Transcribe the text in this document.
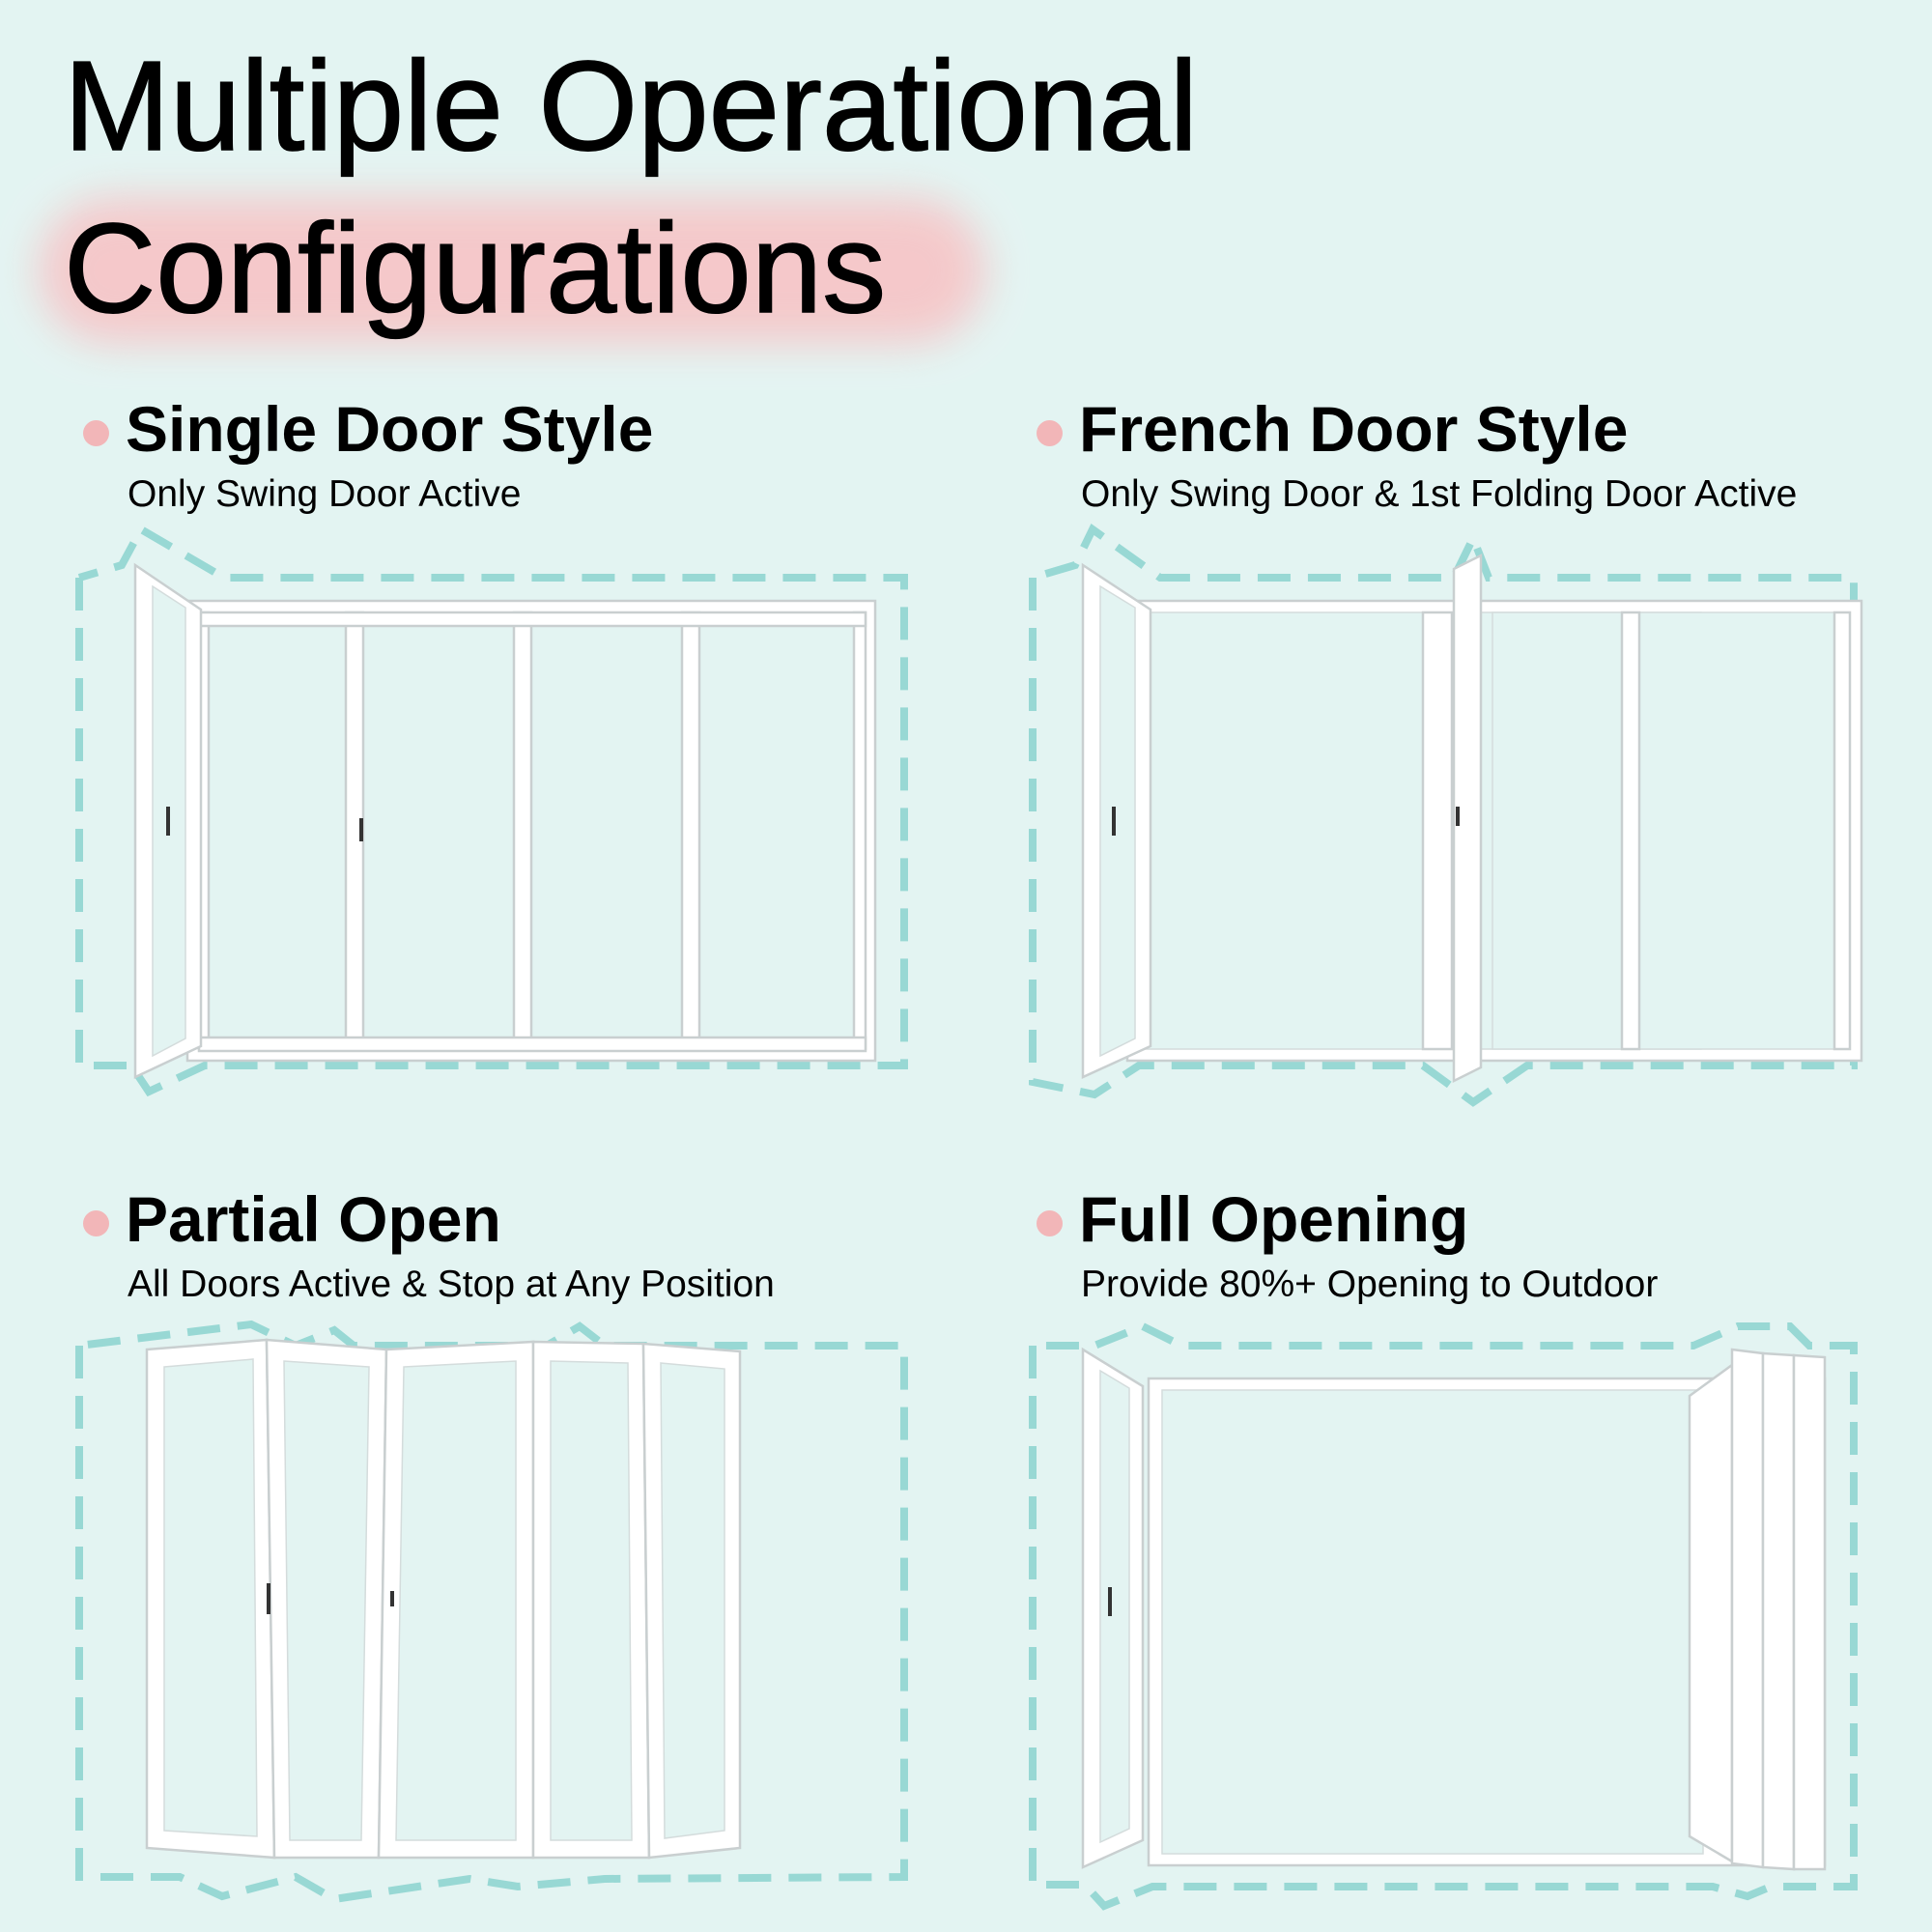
Multiple Operational
Configurations
Single Door Style

Only Swing Door Active

French Door Style

Only Swing Door & 1st Folding Door Active

Partial Open

All Doors Active & Stop at Any Position

Full Opening

Provide 80%+ Opening to Outdoor
